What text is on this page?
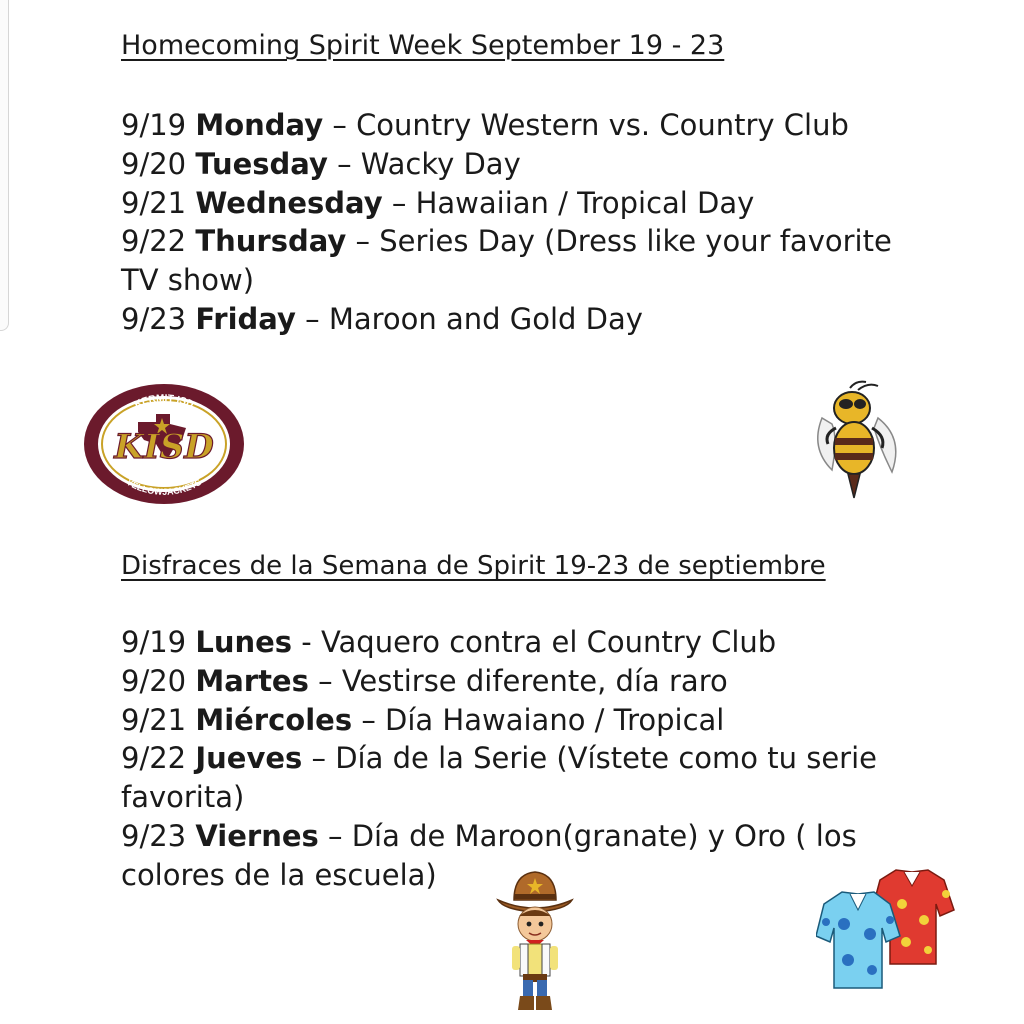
Homecoming Spirit Week September 19 - 23
9/19 Monday – Country Western vs. Country Club
9/20 Tuesday – Wacky Day
9/21 Wednesday – Hawaiian / Tropical Day
9/22 Thursday – Series Day (Dress like your favorite TV show)
9/23 Friday – Maroon and Gold Day
KERMIT ISD
YELLOWJACKETS
KISD
Disfraces de la Semana de Spirit 19-23 de septiembre
9/19 Lunes - Vaquero contra el Country Club
9/20 Martes – Vestirse diferente, día raro
9/21 Miércoles – Día Hawaiano / Tropical
9/22 Jueves – Día de la Serie (Vístete como tu serie favorita)
9/23 Viernes – Día de Maroon(granate) y Oro ( los colores de la escuela)
